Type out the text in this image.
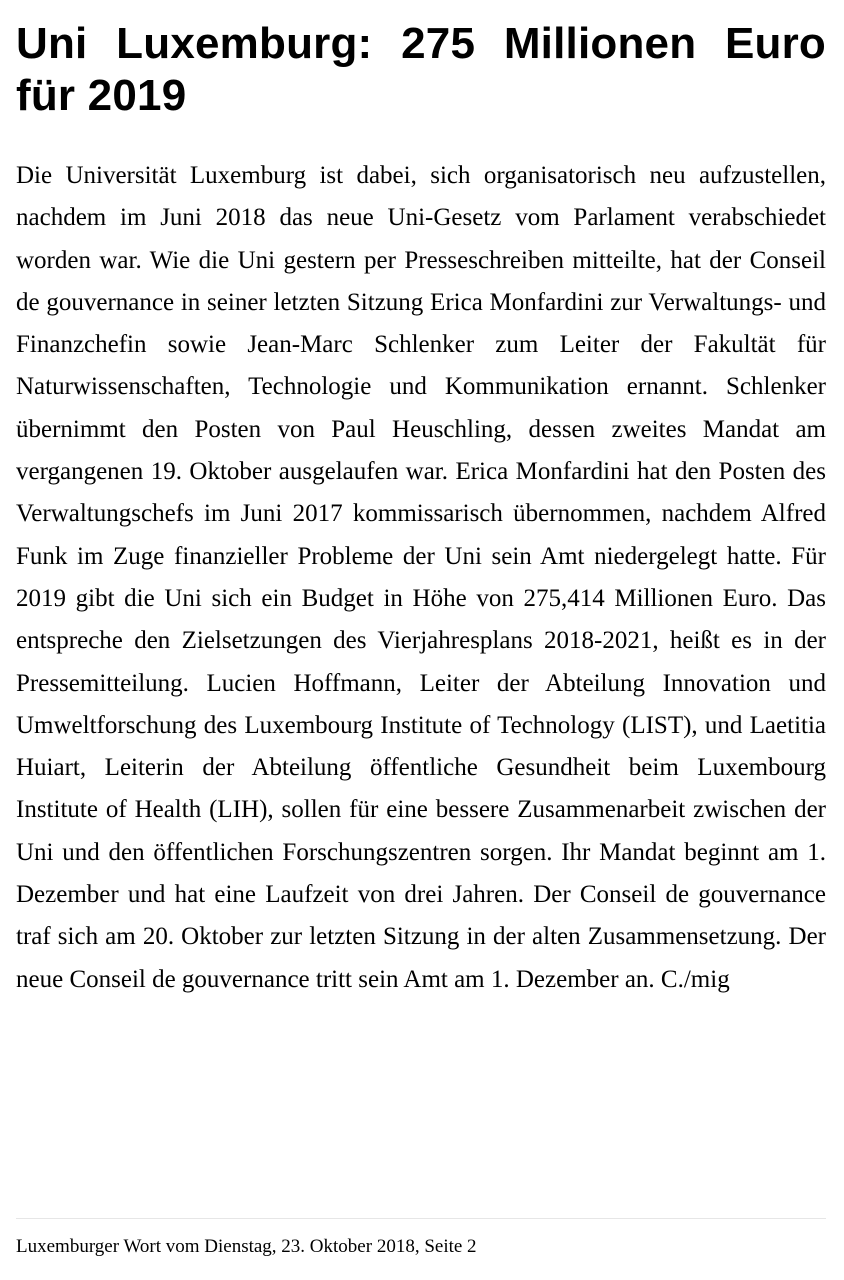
Uni Luxemburg: 275 Millionen Euro für 2019

Die Universität Luxemburg ist dabei, sich organisatorisch neu aufzustellen, nachdem im Juni 2018 das neue Uni-Gesetz vom Parlament verabschiedet worden war. Wie die Uni gestern per Presseschreiben mitteilte, hat der Conseil de gouvernance in seiner letzten Sitzung Erica Monfardini zur Verwaltungs- und Finanzchefin sowie Jean-Marc Schlenker zum Leiter der Fakultät für Naturwissenschaften, Technologie und Kommunikation ernannt. Schlenker übernimmt den Posten von Paul Heuschling, dessen zweites Mandat am vergangenen 19. Oktober ausgelaufen war. Erica Monfardini hat den Posten des Verwaltungschefs im Juni 2017 kommissarisch übernommen, nachdem Alfred Funk im Zuge finanzieller Probleme der Uni sein Amt niedergelegt hatte. Für 2019 gibt die Uni sich ein Budget in Höhe von 275,414 Millionen Euro. Das entspreche den Zielsetzungen des Vierjahresplans 2018-2021, heißt es in der Pressemitteilung. Lucien Hoffmann, Leiter der Abteilung Innovation und Umweltforschung des Luxembourg Institute of Technology (LIST), und Laetitia Huiart, Leiterin der Abteilung öffentliche Gesundheit beim Luxembourg Institute of Health (LIH), sollen für eine bessere Zusammenarbeit zwischen der Uni und den öffentlichen Forschungszentren sorgen. Ihr Mandat beginnt am 1. Dezember und hat eine Laufzeit von drei Jahren. Der Conseil de gouvernance traf sich am 20. Oktober zur letzten Sitzung in der alten Zusammensetzung. Der neue Conseil de gouvernance tritt sein Amt am 1. Dezember an. C./mig

Luxemburger Wort vom Dienstag, 23. Oktober 2018, Seite 2
